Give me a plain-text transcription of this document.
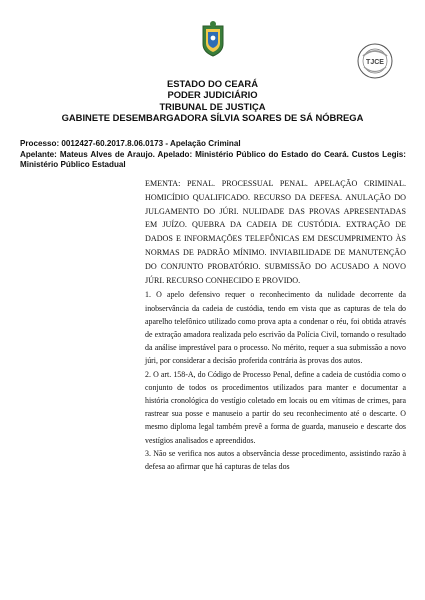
TJCE
ESTADO DO CEARÁ
PODER JUDICIÁRIO
TRIBUNAL DE JUSTIÇA
GABINETE DESEMBARGADORA SÍLVIA SOARES DE SÁ NÓBREGA

Processo: 0012427-60.2017.8.06.0173 - Apelação Criminal

Apelante: Mateus Alves de Araujo. Apelado: Ministério Público do Estado do Ceará. Custos Legis: Ministério Público Estadual

EMENTA: PENAL. PROCESSUAL PENAL. APELAÇÃO CRIMINAL. HOMICÍDIO QUALIFICADO. RECURSO DA DEFESA. ANULAÇÃO DO JULGAMENTO DO JÚRI. NULIDADE DAS PROVAS APRESENTADAS EM JUÍZO. QUEBRA DA CADEIA DE CUSTÓDIA. EXTRAÇÃO DE DADOS E INFORMAÇÕES TELEFÔNICAS EM DESCUMPRIMENTO ÀS NORMAS DE PADRÃO MÍNIMO. INVIABILIDADE DE MANUTENÇÃO DO CONJUNTO PROBATÓRIO. SUBMISSÃO DO ACUSADO A NOVO JÚRI. RECURSO CONHECIDO E PROVIDO.

1. O apelo defensivo requer o reconhecimento da nulidade decorrente da inobservância da cadeia de custódia, tendo em vista que as capturas de tela do aparelho telefônico utilizado como prova apta a condenar o réu, foi obtida através de extração amadora realizada pelo escrivão da Polícia Civil, tornando o resultado da análise imprestável para o processo. No mérito, requer a sua submissão a novo júri, por considerar a decisão proferida contrária às provas dos autos.

2. O art. 158-A, do Código de Processo Penal, define a cadeia de custódia como o conjunto de todos os procedimentos utilizados para manter e documentar a história cronológica do vestígio coletado em locais ou em vítimas de crimes, para rastrear sua posse e manuseio a partir do seu reconhecimento até o descarte. O mesmo diploma legal também prevê a forma de guarda, manuseio e descarte dos vestígios analisados e apreendidos.

3. Não se verifica nos autos a observância desse procedimento, assistindo razão à defesa ao afirmar que há capturas de telas dos
